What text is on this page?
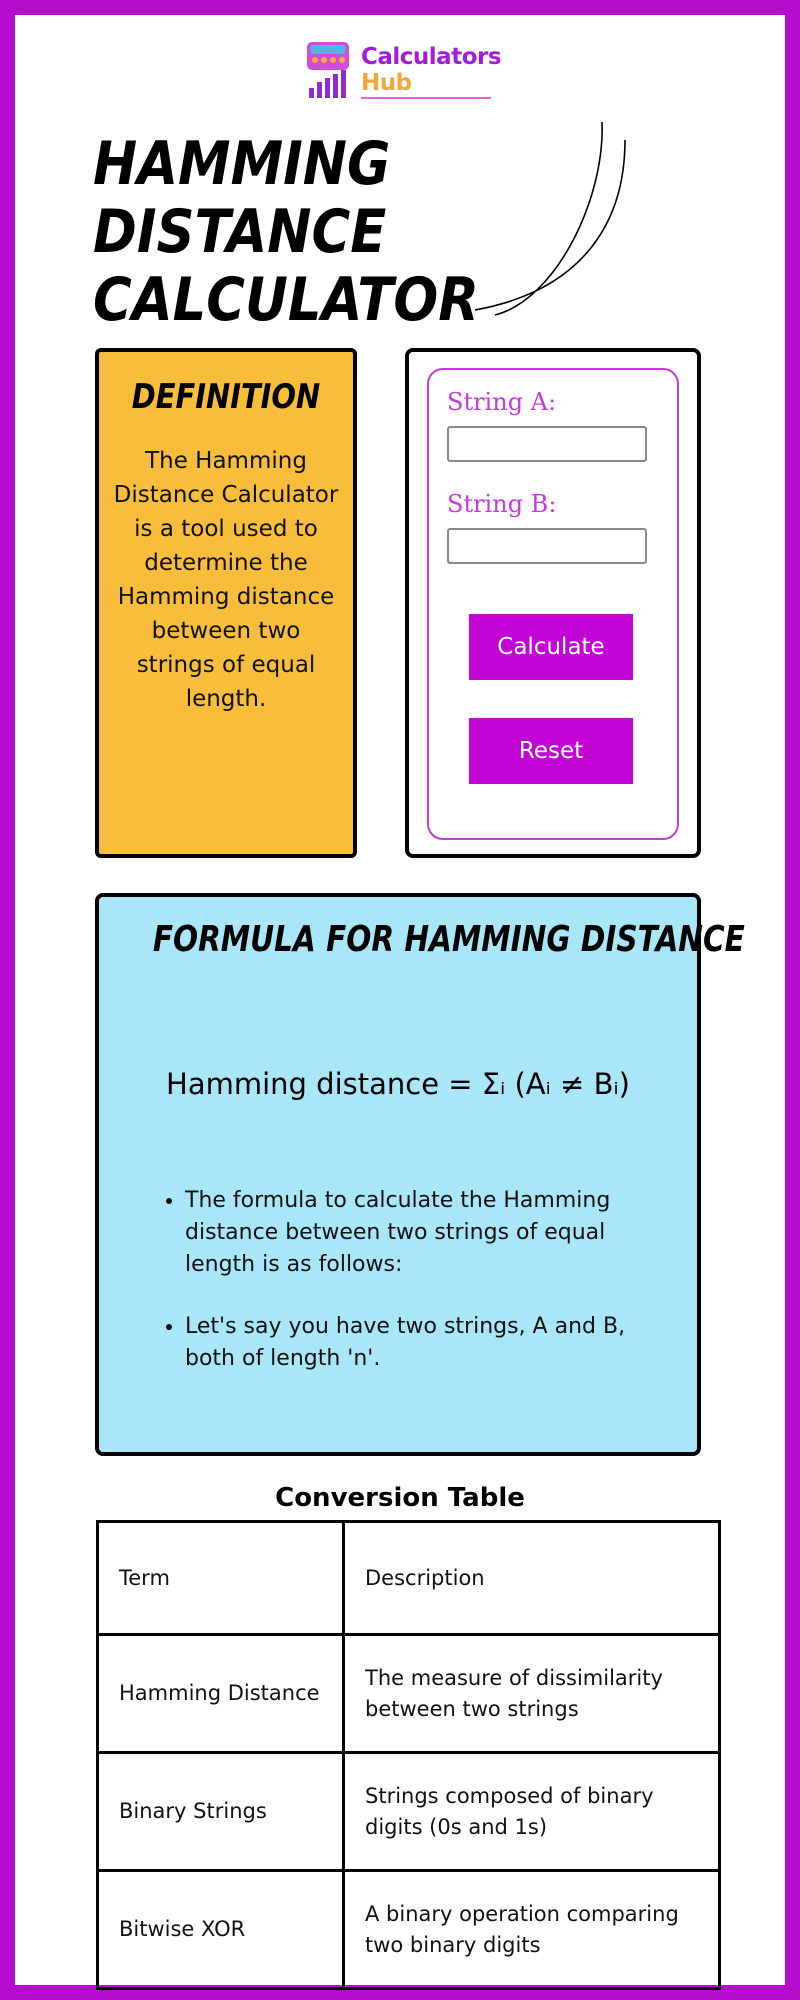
Calculators
Hub
HAMMING
DISTANCE
CALCULATOR
DEFINITION
The Hamming Distance Calculator is a tool used to determine the Hamming distance between two strings of equal length.
String A:
String B:
Calculate
Reset
FORMULA FOR HAMMING DISTANCE
Hamming distance = Σᵢ (Aᵢ ≠ Bᵢ)
• The formula to calculate the Hamming distance between two strings of equal length is as follows:
• Let's say you have two strings, A and B, both of length 'n'.
Conversion Table
Term	Description
Hamming Distance	The measure of dissimilarity between two strings
Binary Strings	Strings composed of binary digits (0s and 1s)
Bitwise XOR	A binary operation comparing two binary digits
